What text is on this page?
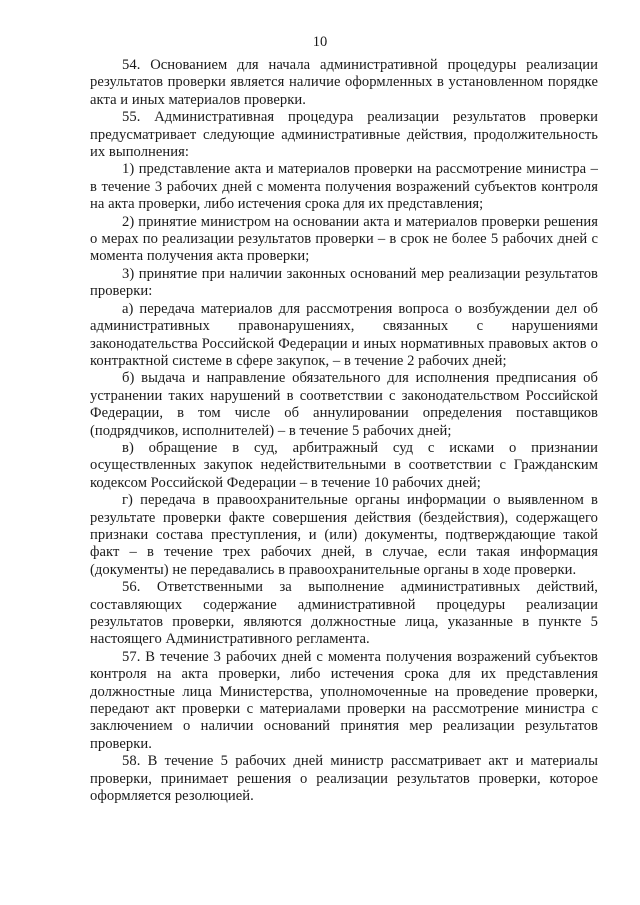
10

54. Основанием для начала административной процедуры реализации результатов проверки является наличие оформленных в установленном порядке акта и иных материалов проверки.

55. Административная процедура реализации результатов проверки предусматривает следующие административные действия, продолжительность их выполнения:

1) представление акта и материалов проверки на рассмотрение министра – в течение 3 рабочих дней с момента получения возражений субъектов контроля на акта проверки, либо истечения срока для их представления;

2) принятие министром на основании акта и материалов проверки решения о мерах по реализации результатов проверки – в срок не более 5 рабочих дней с момента получения акта проверки;

3) принятие при наличии законных оснований мер реализации результатов проверки:

а) передача материалов для рассмотрения вопроса о возбуждении дел об административных правонарушениях, связанных с нарушениями законодательства Российской Федерации и иных нормативных правовых актов о контрактной системе в сфере закупок, – в течение 2 рабочих дней;

б) выдача и направление обязательного для исполнения предписания об устранении таких нарушений в соответствии с законодательством Российской Федерации, в том числе об аннулировании определения поставщиков (подрядчиков, исполнителей) – в течение 5 рабочих дней;

в) обращение в суд, арбитражный суд с исками о признании осуществленных закупок недействительными в соответствии с Гражданским кодексом Российской Федерации – в течение 10 рабочих дней;

г) передача в правоохранительные органы информации о выявленном в результате проверки факте совершения действия (бездействия), содержащего признаки состава преступления, и (или) документы, подтверждающие такой факт – в течение трех рабочих дней, в случае, если такая информация (документы) не передавались в правоохранительные органы в ходе проверки.

56. Ответственными за выполнение административных действий, составляющих содержание административной процедуры реализации результатов проверки, являются должностные лица, указанные в пункте 5 настоящего Административного регламента.

57. В течение 3 рабочих дней с момента получения возражений субъектов контроля на акта проверки, либо истечения срока для их представления должностные лица Министерства, уполномоченные на проведение проверки, передают акт проверки с материалами проверки на рассмотрение министра с заключением о наличии оснований принятия мер реализации результатов проверки.

58. В течение 5 рабочих дней министр рассматривает акт и материалы проверки, принимает решения о реализации результатов проверки, которое оформляется резолюцией.
